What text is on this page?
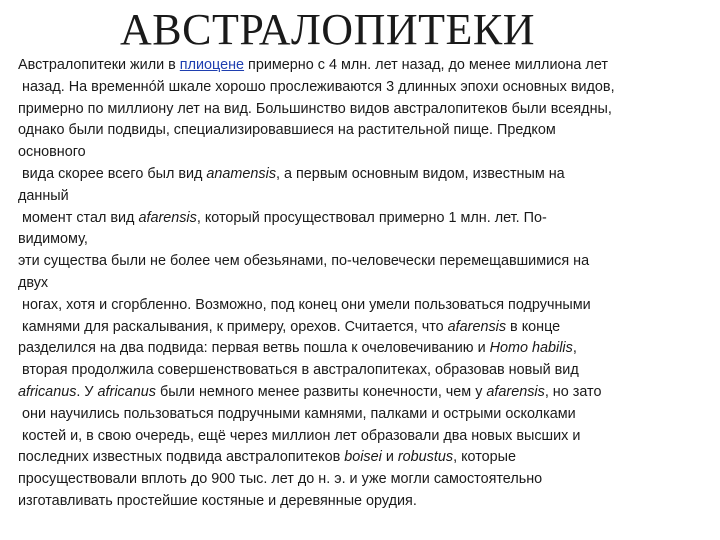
АВСТРАЛОПИТЕКИ
Австралопитеки жили в плиоцене примерно с 4 млн. лет назад, до менее миллиона лет
назад. На временнóй шкале хорошо прослеживаются 3 длинных эпохи основных видов,
примерно по миллиону лет на вид. Большинство видов австралопитеков были всеядны,
однако были подвиды, специализировавшиеся на растительной пище. Предком
основного
вида скорее всего был вид anamensis, а первым основным видом, известным на
данный
момент стал вид afarensis, который просуществовал примерно 1 млн. лет. По-
видимому,
эти существа были не более чем обезьянами, по-человечески перемещавшимися на
двух
ногах, хотя и сгорбленно. Возможно, под конец они умели пользоваться подручными
камнями для раскалывания, к примеру, орехов. Считается, что afarensis в конце
разделился на два подвида: первая ветвь пошла к очеловечиванию и Homo habilis,
вторая продолжила совершенствоваться в австралопитеках, образовав новый вид
africanus. У africanus были немного менее развиты конечности, чем у afarensis, но зато
они научились пользоваться подручными камнями, палками и острыми осколками
костей и, в свою очередь, ещё через миллион лет образовали два новых высших и
последних известных подвида австралопитеков boisei и robustus, которые
просуществовали вплоть до 900 тыс. лет до н. э. и уже могли самостоятельно
изготавливать простейшие костяные и деревянные орудия.
